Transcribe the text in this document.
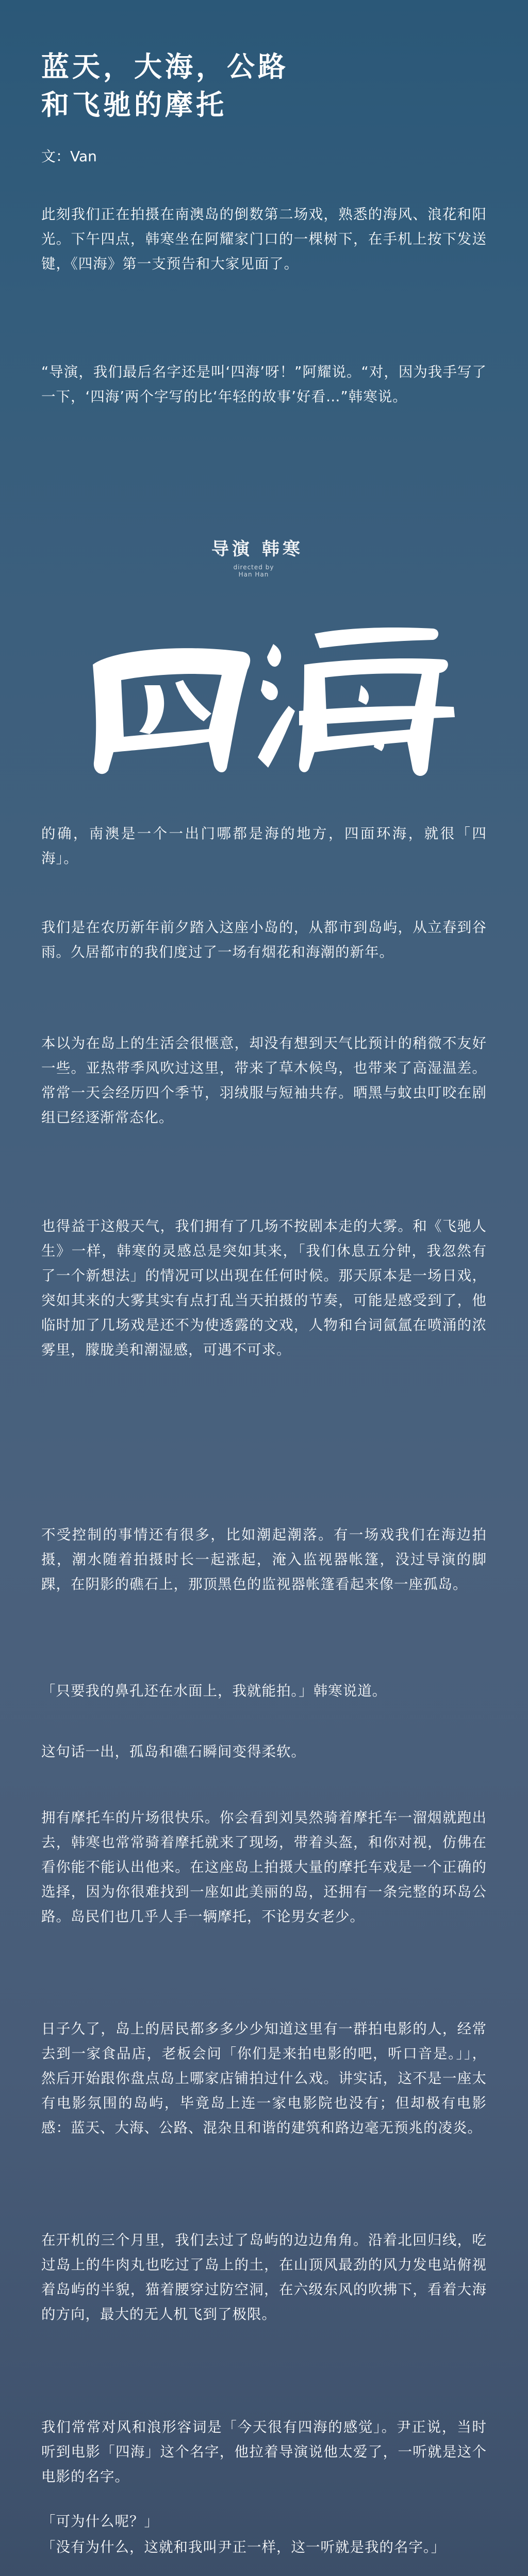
蓝天，大海，公路
和飞驰的摩托
文：Van

此刻我们正在拍摄在南澳岛的倒数第二场戏，熟悉的海风、浪花和阳光。下午四点，韩寒坐在阿耀家门口的一棵树下，在手机上按下发送键，《四海》第一支预告和大家见面了。

“导演，我们最后名字还是叫‘四海’呀！”阿耀说。“对，因为我手写了一下，‘四海’两个字写的比‘年轻的故事’好看…”韩寒说。

导演 韩寒
directed by Han Han

的确，南澳是一个一出门哪都是海的地方，四面环海，就很「四海」。

我们是在农历新年前夕踏入这座小岛的，从都市到岛屿，从立春到谷雨。久居都市的我们度过了一场有烟花和海潮的新年。

本以为在岛上的生活会很惬意，却没有想到天气比预计的稍微不友好一些。亚热带季风吹过这里，带来了草木候鸟，也带来了高湿温差。常常一天会经历四个季节，羽绒服与短袖共存。晒黑与蚊虫叮咬在剧组已经逐渐常态化。

也得益于这般天气，我们拥有了几场不按剧本走的大雾。和《飞驰人生》一样，韩寒的灵感总是突如其来，「我们休息五分钟，我忽然有了一个新想法」的情况可以出现在任何时候。那天原本是一场日戏，突如其来的大雾其实有点打乱当天拍摄的节奏，可能是感受到了，他临时加了几场戏是还不为使透露的文戏，人物和台词氤氲在喷涌的浓雾里，朦胧美和潮湿感，可遇不可求。

不受控制的事情还有很多，比如潮起潮落。有一场戏我们在海边拍摄，潮水随着拍摄时长一起涨起，淹入监视器帐篷，没过导演的脚踝，在阴影的礁石上，那顶黑色的监视器帐篷看起来像一座孤岛。

「只要我的鼻孔还在水面上，我就能拍。」韩寒说道。

这句话一出，孤岛和礁石瞬间变得柔软。

拥有摩托车的片场很快乐。你会看到刘昊然骑着摩托车一溜烟就跑出去，韩寒也常常骑着摩托就来了现场，带着头盔，和你对视，仿佛在看你能不能认出他来。在这座岛上拍摄大量的摩托车戏是一个正确的选择，因为你很难找到一座如此美丽的岛，还拥有一条完整的环岛公路。岛民们也几乎人手一辆摩托，不论男女老少。

日子久了，岛上的居民都多多少少知道这里有一群拍电影的人，经常去到一家食品店，老板会问「你们是来拍电影的吧，听口音是。」」，然后开始跟你盘点岛上哪家店铺拍过什么戏。讲实话，这不是一座太有电影氛围的岛屿，毕竟岛上连一家电影院也没有；但却极有电影感：蓝天、大海、公路、混杂且和谐的建筑和路边毫无预兆的凌炎。

在开机的三个月里，我们去过了岛屿的边边角角。沿着北回归线，吃过岛上的牛肉丸也吃过了岛上的土，在山顶风最劲的风力发电站俯视着岛屿的半貌，猫着腰穿过防空洞，在六级东风的吹拂下，看着大海的方向，最大的无人机飞到了极限。

我们常常对风和浪形容词是「今天很有四海的感觉」。尹正说，当时听到电影「四海」这个名字，他拉着导演说他太爱了，一听就是这个电影的名字。

「可为什么呢？」

「没有为什么，这就和我叫尹正一样，这一听就是我的名字。」
